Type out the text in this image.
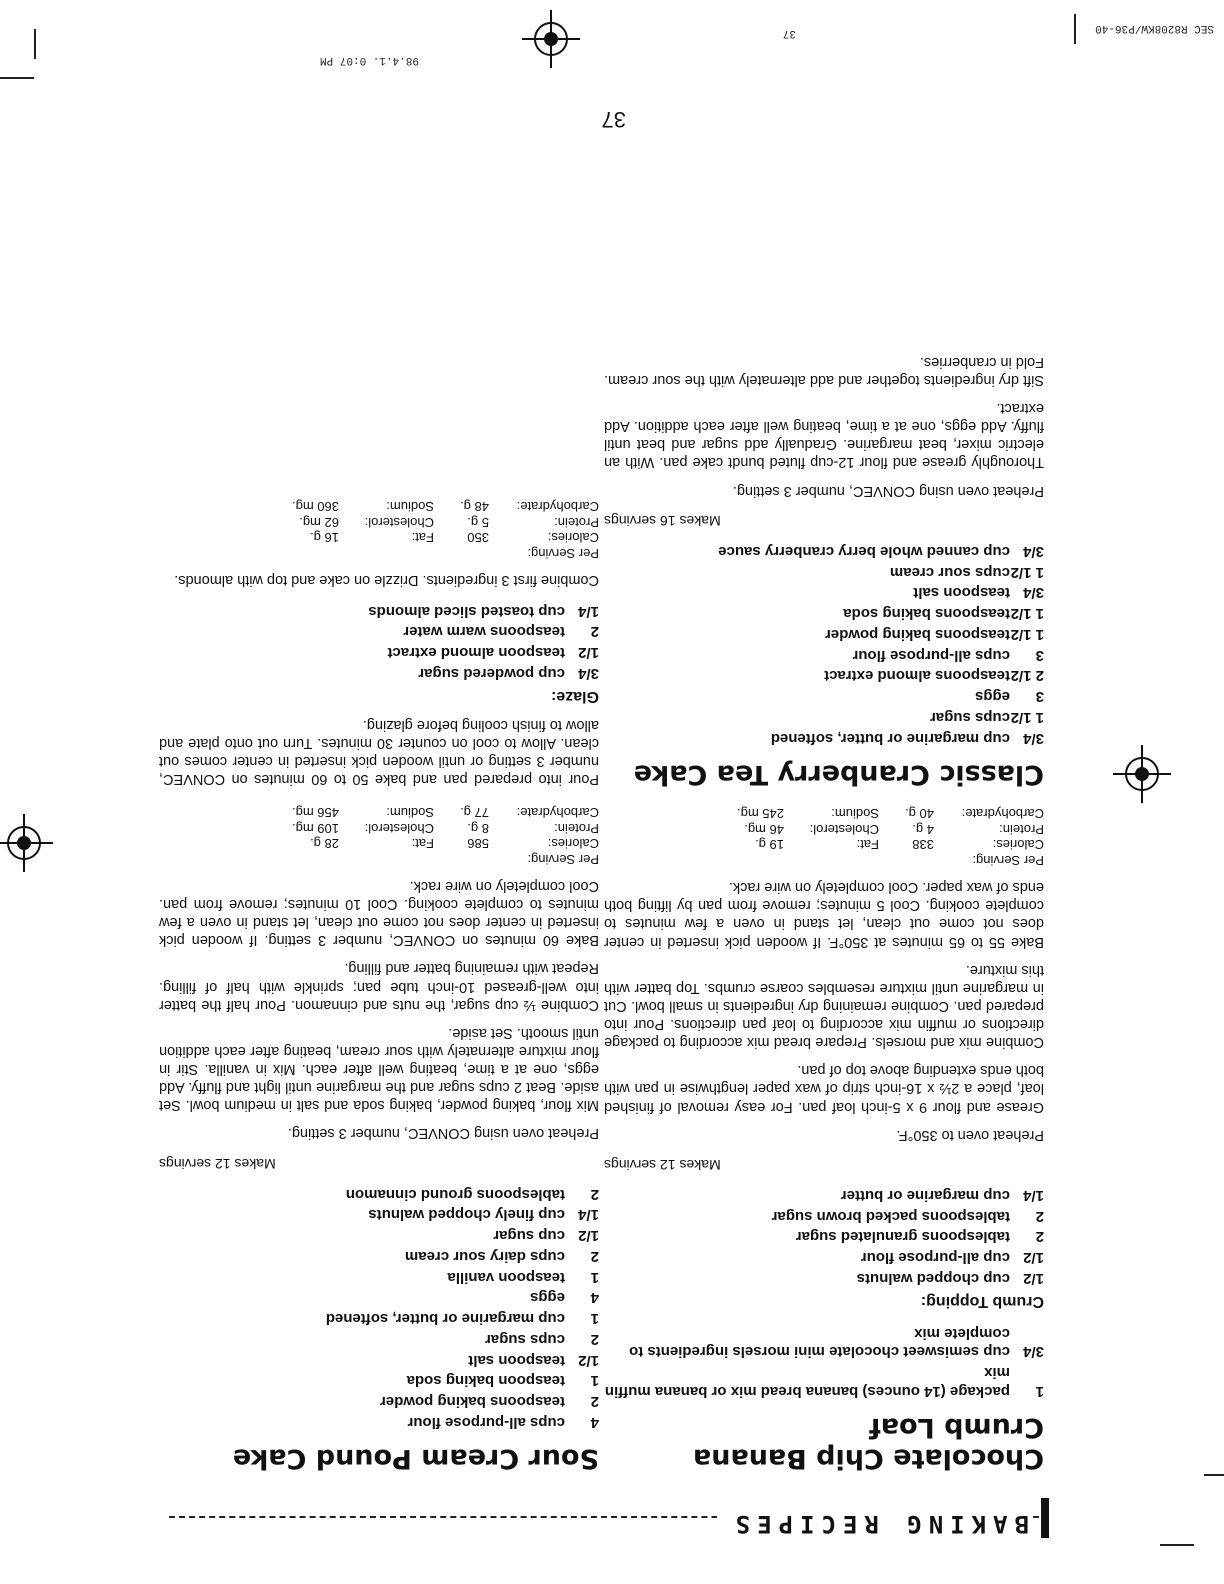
SEC R8208KW/P36-40
37
98.4.1. 0:07 PM
BAKING RECIPES
Chocolate Chip Banana Crumb Loaf
1
package (14 ounces) banana bread mix or banana muffin mix
3/4
cup semisweet chocolate mini morsels ingredients to complete mix
Crumb Topping:
1/2
cup chopped walnuts
1/2
cup all-purpose flour
2
tablespoons granulated sugar
2
tablespoons packed brown sugar
1/4
cup margarine or butter
Makes 12 servings

Preheat oven to 350°F.

Grease and flour 9 x 5-inch loaf pan. For easy removal of finished loaf, place a 2½ x 16-inch strip of wax paper lengthwise in pan with both ends extending above top of pan.

Combine mix and morsels. Prepare bread mix according to package directions or muffin mix according to loaf pan directions. Pour into prepared pan. Combine remaining dry ingredients in small bowl. Cut in margarine until mixture resembles coarse crumbs. Top batter with this mixture.

Bake 55 to 65 minutes at 350°F. If wooden pick inserted in center does not come out clean, let stand in oven a few minutes to complete cooking. Cool 5 minutes; remove from pan by lifting both ends of wax paper. Cool completely on wire rack.

Per Serving:
Calories:
338
Fat:
19 g.
Protein:
4 g.
Cholesterol:
46 mg.
Carbohydrate:
40 g.
Sodium:
245 mg.
Classic Cranberry Tea Cake
3/4
cup margarine or butter, softened
1 1/2
cups sugar
3
eggs
2 1/2
teaspoons almond extract
3
cups all-purpose flour
1 1/2
teaspoons baking powder
1 1/2
teaspoons baking soda
3/4
teaspoon salt
1 1/2
cups sour cream
3/4
cup canned whole berry cranberry sauce
Makes 16 servings

Preheat oven using CONVEC, number 3 setting.

Thoroughly grease and flour 12-cup fluted bundt cake pan. With an electric mixer, beat margarine. Gradually add sugar and beat until fluffy. Add eggs, one at a time, beating well after each addition. Add extract.

Sift dry ingredients together and add alternately with the sour cream. Fold in cranberries.

Sour Cream Pound Cake
4
cups all-purpose flour
2
teaspoons baking powder
1
teaspoon baking soda
1/2
teaspoon salt
2
cups sugar
1
cup margarine or butter, softened
4
eggs
1
teaspoon vanilla
2
cups dairy sour cream
1/2
cup sugar
1/4
cup finely chopped walnuts
2
tablespoons ground cinnamon
Makes 12 servings

Preheat oven using CONVEC, number 3 setting.

Mix flour, baking powder, baking soda and salt in medium bowl. Set aside. Beat 2 cups sugar and the margarine until light and fluffy. Add eggs, one at a time, beating well after each. Mix in vanilla. Stir in flour mixture alternately with sour cream, beating after each addition until smooth. Set aside.

Combine ½ cup sugar, the nuts and cinnamon. Pour half the batter into well-greased 10-inch tube pan; sprinkle with half of filling. Repeat with remaining batter and filling.

Bake 60 minutes on CONVEC, number 3 setting. If wooden pick inserted in center does not come out clean, let stand in oven a few minutes to complete cooking. Cool 10 minutes; remove from pan. Cool completely on wire rack.

Per Serving:
Calories:
586
Fat:
28 g.
Protein:
8 g.
Cholesterol:
109 mg.
Carbohydrate:
77 g.
Sodium:
456 mg.

Pour into prepared pan and bake 50 to 60 minutes on CONVEC, number 3 setting or until wooden pick inserted in center comes out clean. Allow to cool on counter 30 minutes. Turn out onto plate and allow to finish cooling before glazing.

Glaze:
3/4
cup powdered sugar
1/2
teaspoon almond extract
2
teaspoons warm water
1/4
cup toasted sliced almonds

Combine first 3 ingredients. Drizzle on cake and top with almonds.

Per Serving:
Calories:
350
Fat:
16 g.
Protein:
5 g.
Cholesterol:
62 mg.
Carbohydrate:
48 g.
Sodium:
360 mg.
37
